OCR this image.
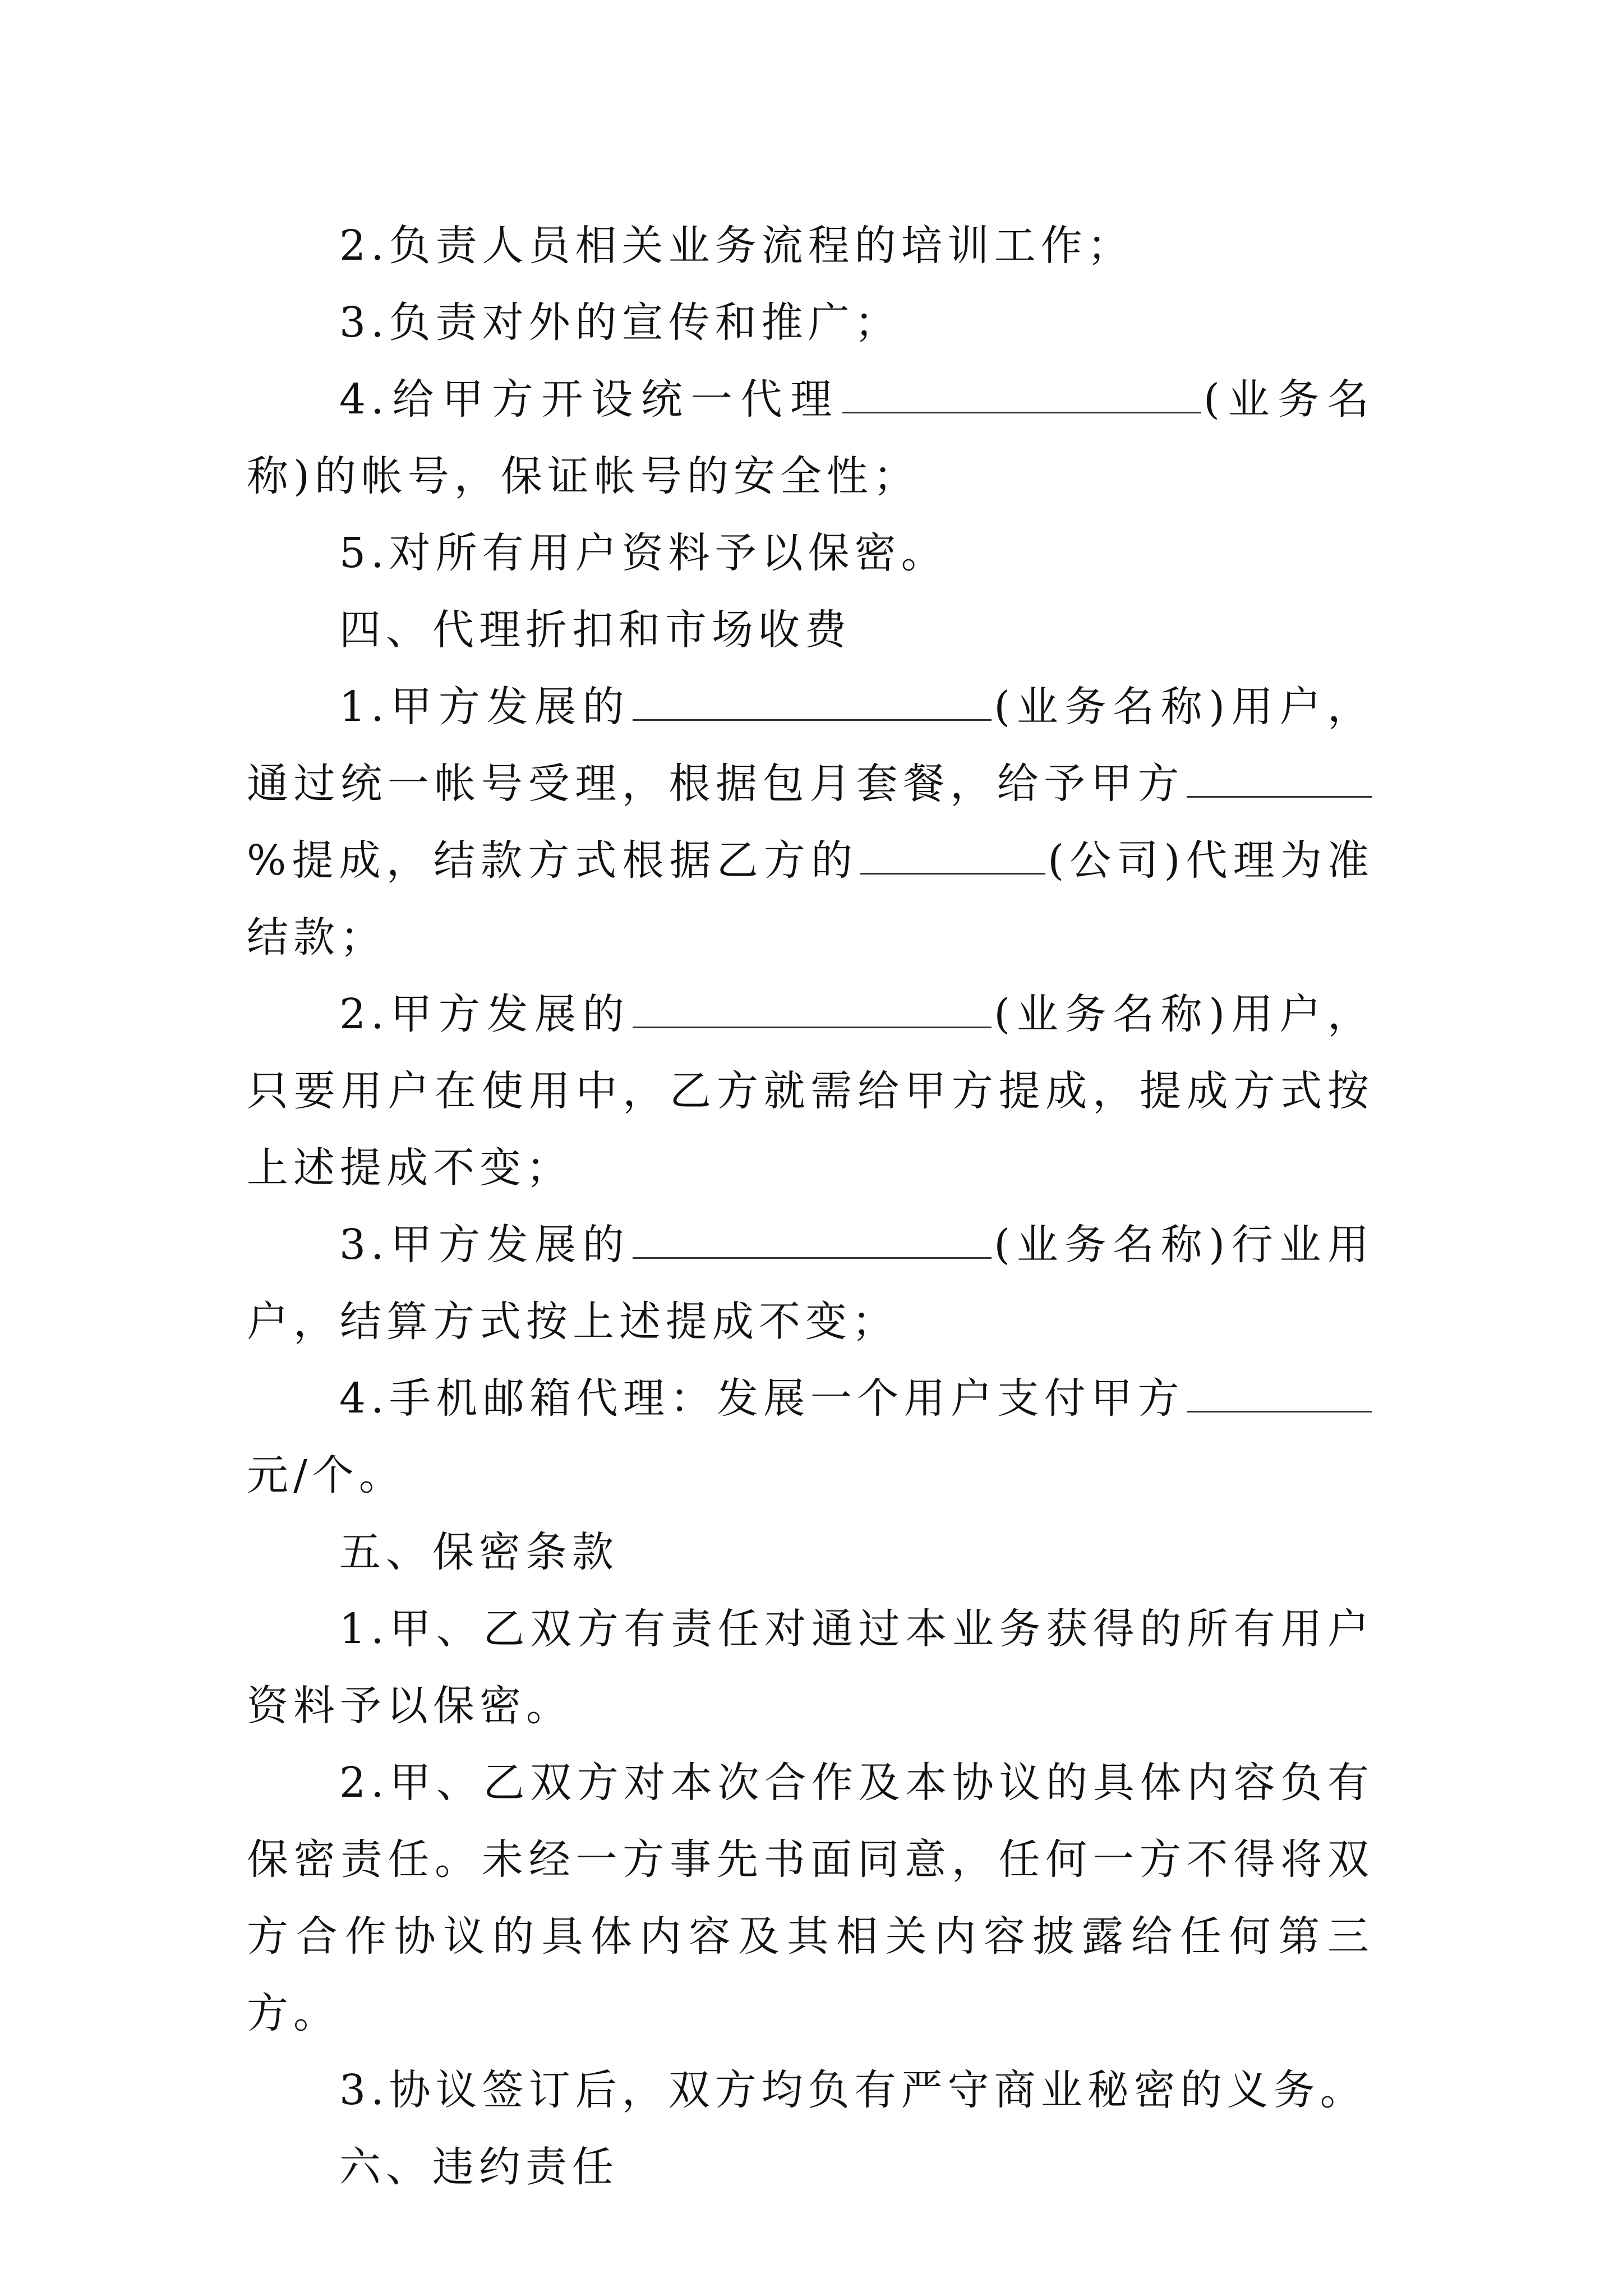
2.负责人员相关业务流程的培训工作；

3.负责对外的宣传和推广；

4.给甲方开设统一代理	(业务名称)的帐号，保证帐号的安全性；

5.对所有用户资料予以保密。

四、代理折扣和市场收费

1.甲方发展的	(业务名称)用户，通过统一帐号受理，根据包月套餐，给予甲方%提成，结款方式根据乙方的	(公司)代理为准结款；

2.甲方发展的	(业务名称)用户，只要用户在使用中，乙方就需给甲方提成，提成方式按上述提成不变；

3.甲方发展的	(业务名称)行业用户，结算方式按上述提成不变；

4.手机邮箱代理：发展一个用户支付甲方元/个。

五、保密条款

1.甲、乙双方有责任对通过本业务获得的所有用户资料予以保密。

2.甲、乙双方对本次合作及本协议的具体内容负有保密责任。未经一方事先书面同意，任何一方不得将双方合作协议的具体内容及其相关内容披露给任何第三方。

3.协议签订后，双方均负有严守商业秘密的义务。

六、违约责任
